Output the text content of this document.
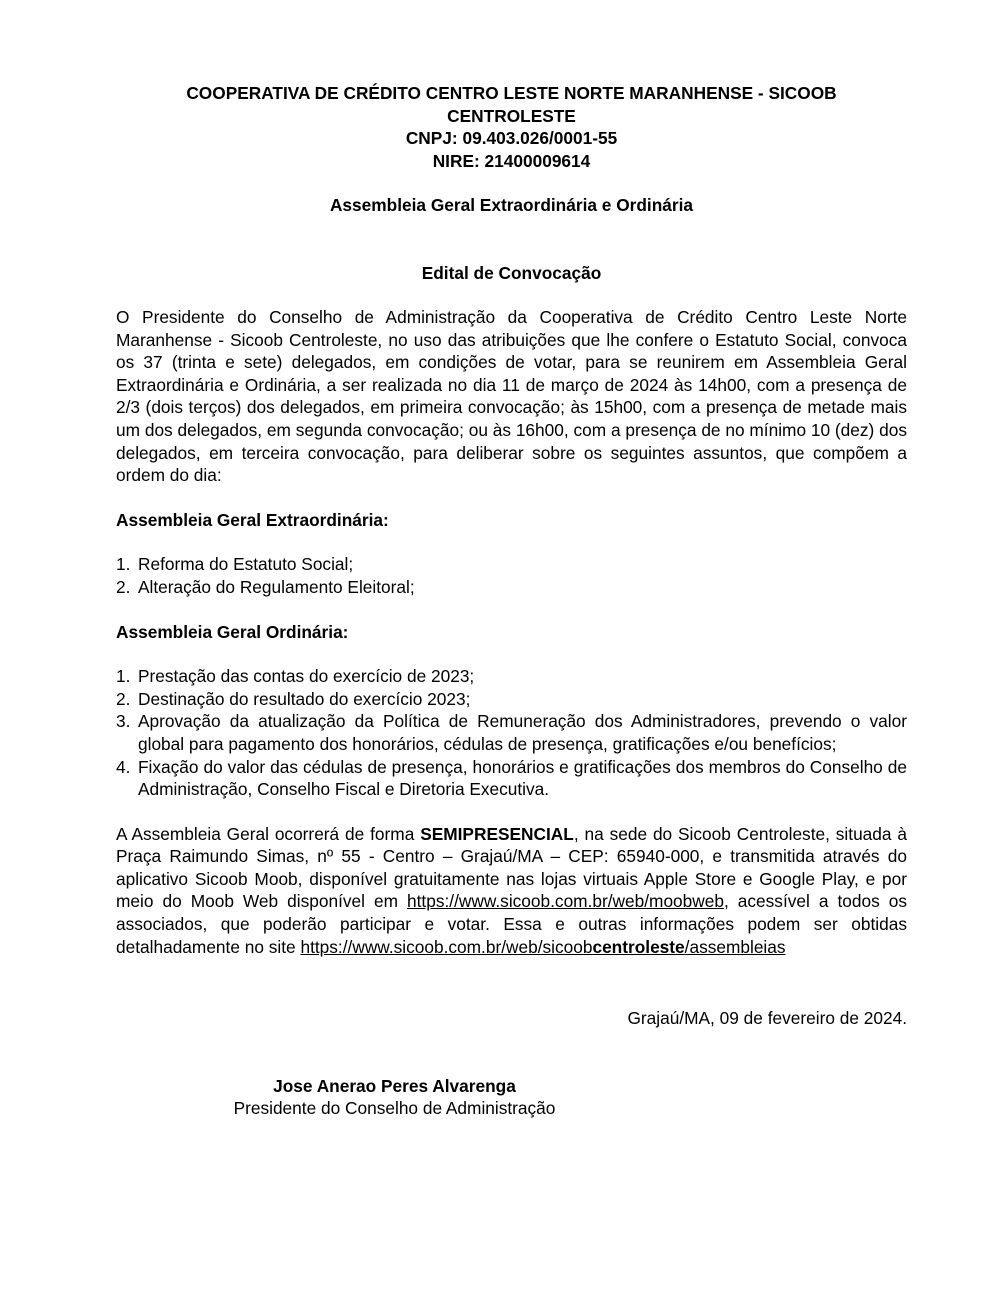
COOPERATIVA DE CRÉDITO CENTRO LESTE NORTE MARANHENSE - SICOOB
CENTROLESTE
CNPJ: 09.403.026/0001-55
NIRE: 21400009614
Assembleia Geral Extraordinária e Ordinária
Edital de Convocação

O Presidente do Conselho de Administração da Cooperativa de Crédito Centro Leste Norte Maranhense - Sicoob Centroleste, no uso das atribuições que lhe confere o Estatuto Social, convoca os 37 (trinta e sete) delegados, em condições de votar, para se reunirem em Assembleia Geral Extraordinária e Ordinária, a ser realizada no dia 11 de março de 2024 às 14h00, com a presença de 2/3 (dois terços) dos delegados, em primeira convocação; às 15h00, com a presença de metade mais um dos delegados, em segunda convocação; ou às 16h00, com a presença de no mínimo 10 (dez) dos delegados, em terceira convocação, para deliberar sobre os seguintes assuntos, que compõem a ordem do dia:

Assembleia Geral Extraordinária:
1. Reforma do Estatuto Social;
2. Alteração do Regulamento Eleitoral;
Assembleia Geral Ordinária:
1. Prestação das contas do exercício de 2023;
2. Destinação do resultado do exercício 2023;
3. Aprovação da atualização da Política de Remuneração dos Administradores, prevendo o valor global para pagamento dos honorários, cédulas de presença, gratificações e/ou benefícios;
4. Fixação do valor das cédulas de presença, honorários e gratificações dos membros do Conselho de Administração, Conselho Fiscal e Diretoria Executiva.

A Assembleia Geral ocorrerá de forma SEMIPRESENCIAL, na sede do Sicoob Centroleste, situada à Praça Raimundo Simas, nº 55 - Centro – Grajaú/MA – CEP: 65940-000, e transmitida através do aplicativo Sicoob Moob, disponível gratuitamente nas lojas virtuais Apple Store e Google Play, e por meio do Moob Web disponível em https://www.sicoob.com.br/web/moobweb, acessível a todos os associados, que poderão participar e votar. Essa e outras informações podem ser obtidas detalhadamente no site https://www.sicoob.com.br/web/sicoobcentroleste/assembleias

Grajaú/MA, 09 de fevereiro de 2024.
Jose Anerao Peres Alvarenga
Presidente do Conselho de Administração
